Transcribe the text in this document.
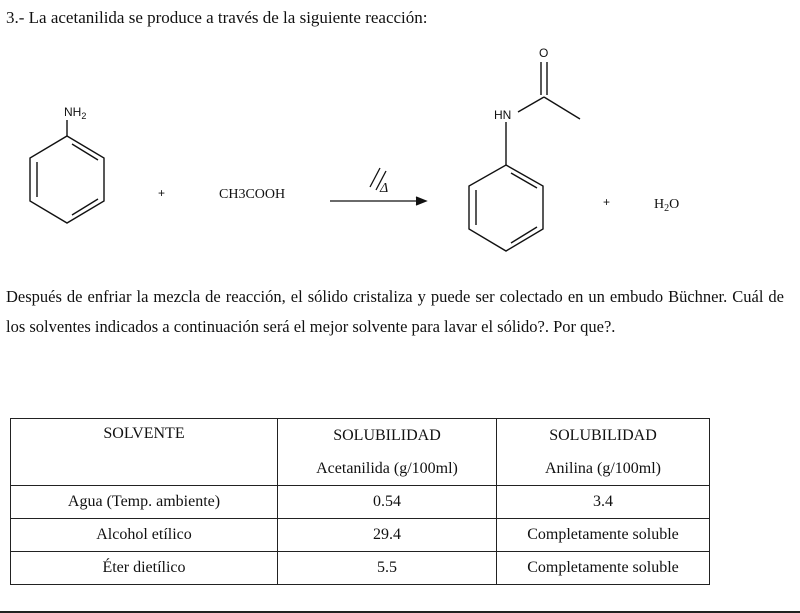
3.- La acetanilida se produce a través de la siguiente reacción:

$NH_2$
+	CH3COOH	Δ
O
HN
+	$H_2O$

Después de enfriar la mezcla de reacción, el sólido cristaliza y puede ser colectado en un embudo Büchner. Cuál de los solventes indicados a continuación será el mejor solvente para lavar el sólido?. Por que?.

SOLVENTE	SOLUBILIDAD	SOLUBILIDAD

	Acetanilida (g/100ml)	Anilina (g/100ml)
Agua (Temp. ambiente)	0.54	3.4
Alcohol etílico	29.4	Completamente soluble
Éter dietílico	5.5	Completamente soluble
